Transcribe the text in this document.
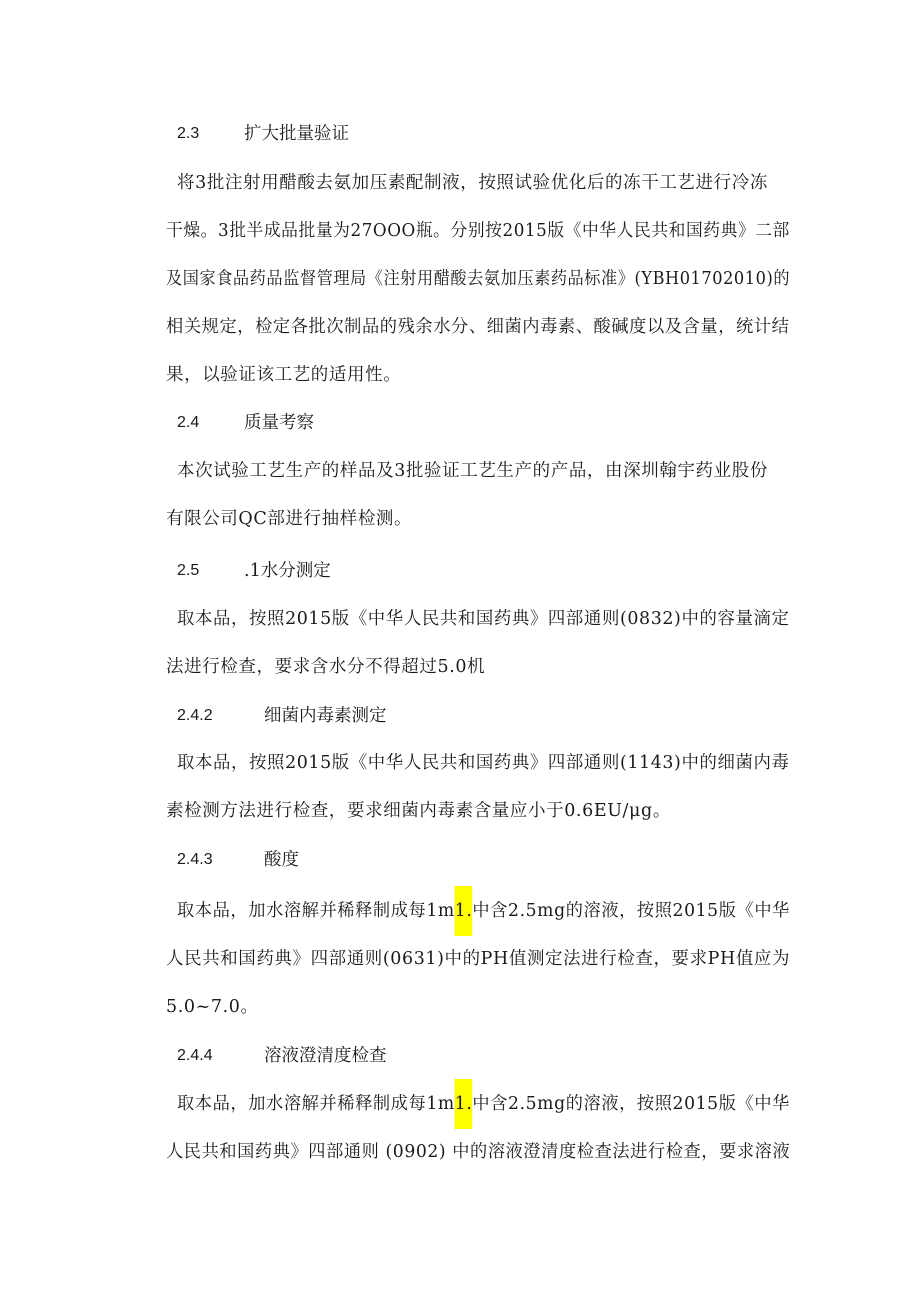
2.3	扩大批量验证
将3批注射用醋酸去氨加压素配制液，按照试验优化后的冻干工艺进行冷冻
干燥。3批半成品批量为27OOO瓶。分别按2015版《中华人民共和国药典》二部
及国家食品药品监督管理局《注射用醋酸去氨加压素药品标准》(YBH01702010)的
相关规定，检定各批次制品的残余水分、细菌内毒素、酸碱度以及含量，统计结
果，以验证该工艺的适用性。
2.4	质量考察
本次试验工艺生产的样品及3批验证工艺生产的产品，由深圳翰宇药业股份
有限公司QC部进行抽样检测。
2.5	.1水分测定
取本品，按照2015版《中华人民共和国药典》四部通则(0832)中的容量滴定
法进行检查，要求含水分不得超过5.0机
2.4.2	细菌内毒素测定
取本品，按照2015版《中华人民共和国药典》四部通则(1143)中的细菌内毒
素检测方法进行检查，要求细菌内毒素含量应小于0.6EU/μg。
2.4.3	酸度
取本品，加水溶解并稀释制成每1m1.中含2.5mg的溶液，按照2015版《中华
人民共和国药典》四部通则(0631)中的PH值测定法进行检查，要求PH值应为
5.0~7.0。
2.4.4	溶液澄清度检查
取本品，加水溶解并稀释制成每1m1.中含2.5mg的溶液，按照2015版《中华
人民共和国药典》四部通则 (0902) 中的溶液澄清度检查法进行检查，要求溶液
